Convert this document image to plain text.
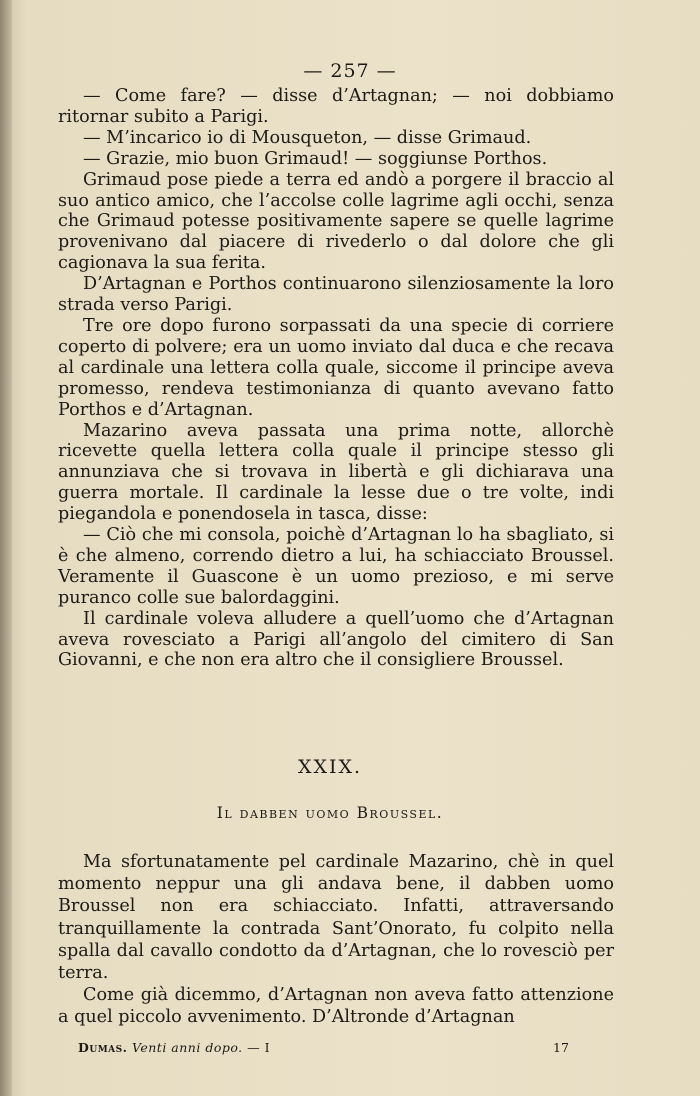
— 257 —

— Come fare? — disse d’Artagnan; — noi dobbiamo ritornar subito a Parigi.

— M’incarico io di Mousqueton, — disse Grimaud.

— Grazie, mio buon Grimaud! — soggiunse Porthos.

Grimaud pose piede a terra ed andò a porgere il braccio al suo antico amico, che l’accolse colle lagrime agli occhi, senza che Grimaud potesse positivamente sapere se quelle lagrime provenivano dal piacere di rivederlo o dal dolore che gli cagionava la sua ferita.

D’Artagnan e Porthos continuarono silenziosamente la loro strada verso Parigi.

Tre ore dopo furono sorpassati da una specie di corriere coperto di polvere; era un uomo inviato dal duca e che recava al cardinale una lettera colla quale, siccome il principe aveva promesso, rendeva testimonianza di quanto avevano fatto Porthos e d’Artagnan.

Mazarino aveva passata una prima notte, allorchè ricevette quella lettera colla quale il principe stesso gli annunziava che si trovava in libertà e gli dichiarava una guerra mortale. Il cardinale la lesse due o tre volte, indi piegandola e ponendosela in tasca, disse:

— Ciò che mi consola, poichè d’Artagnan lo ha sbagliato, si è che almeno, correndo dietro a lui, ha schiacciato Broussel. Veramente il Guascone è un uomo prezioso, e mi serve puranco colle sue balordaggini.

Il cardinale voleva alludere a quell’uomo che d’Artagnan aveva rovesciato a Parigi all’angolo del cimitero di San Giovanni, e che non era altro che il consigliere Broussel.

XXIX.
Il dabben uomo Broussel.

Ma sfortunatamente pel cardinale Mazarino, chè in quel momento neppur una gli andava bene, il dabben uomo Broussel non era schiacciato. Infatti, attraversando tranquillamente la contrada Sant’Onorato, fu colpito nella spalla dal cavallo condotto da d’Artagnan, che lo rovesciò per terra.

Come già dicemmo, d’Artagnan non aveva fatto attenzione a quel piccolo avvenimento. D’Altronde d’Artagnan

Dumas. Venti anni dopo. — I	17
